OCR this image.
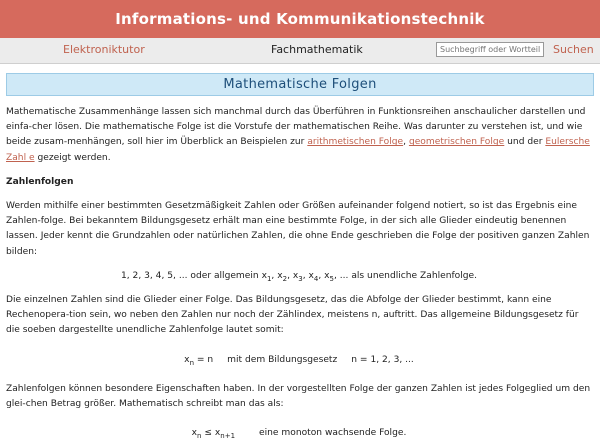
Informations- und Kommunikationstechnik
Elektroniktutor	Fachmathematik
Suchbegriff oder Wortteil	Suchen
Mathematische Folgen

Mathematische Zusammenhänge lassen sich manchmal durch das Überführen in Funktionsreihen anschaulicher darstellen und einfa-cher lösen. Die mathematische Folge ist die Vorstufe der mathematischen Reihe. Was darunter zu verstehen ist, und wie beide zusam-menhängen, soll hier im Überblick an Beispielen zur arithmetischen Folge, geometrischen Folge und der Eulersche Zahl e gezeigt werden.

Zahlenfolgen

Werden mithilfe einer bestimmten Gesetzmäßigkeit Zahlen oder Größen aufeinander folgend notiert, so ist das Ergebnis eine Zahlen-folge. Bei bekanntem Bildungsgesetz erhält man eine bestimmte Folge, in der sich alle Glieder eindeutig benennen lassen. Jeder kennt die Grundzahlen oder natürlichen Zahlen, die ohne Ende geschrieben die Folge der positiven ganzen Zahlen bilden:

1, 2, 3, 4, 5, ... oder allgemein $x_1$, $x_2$, $x_3$, $x_4$, $x_5$, ... als unendliche Zahlenfolge.

Die einzelnen Zahlen sind die Glieder einer Folge. Das Bildungsgesetz, das die Abfolge der Glieder bestimmt, kann eine Rechenopera-tion sein, wo neben den Zahlen nur noch der Zählindex, meistens n, auftritt. Das allgemeine Bildungsgesetz für die soeben dargestellte unendliche Zahlenfolge lautet somit:

$x_n = n$ mit dem Bildungsgesetz n = 1, 2, 3, ...

Zahlenfolgen können besondere Eigenschaften haben. In der vorgestellten Folge der ganzen Zahlen ist jedes Folgeglied um den glei-chen Betrag größer. Mathematisch schreibt man das als:

$x_n \le x_{n+1}$	eine monoton wachsende Folge.
